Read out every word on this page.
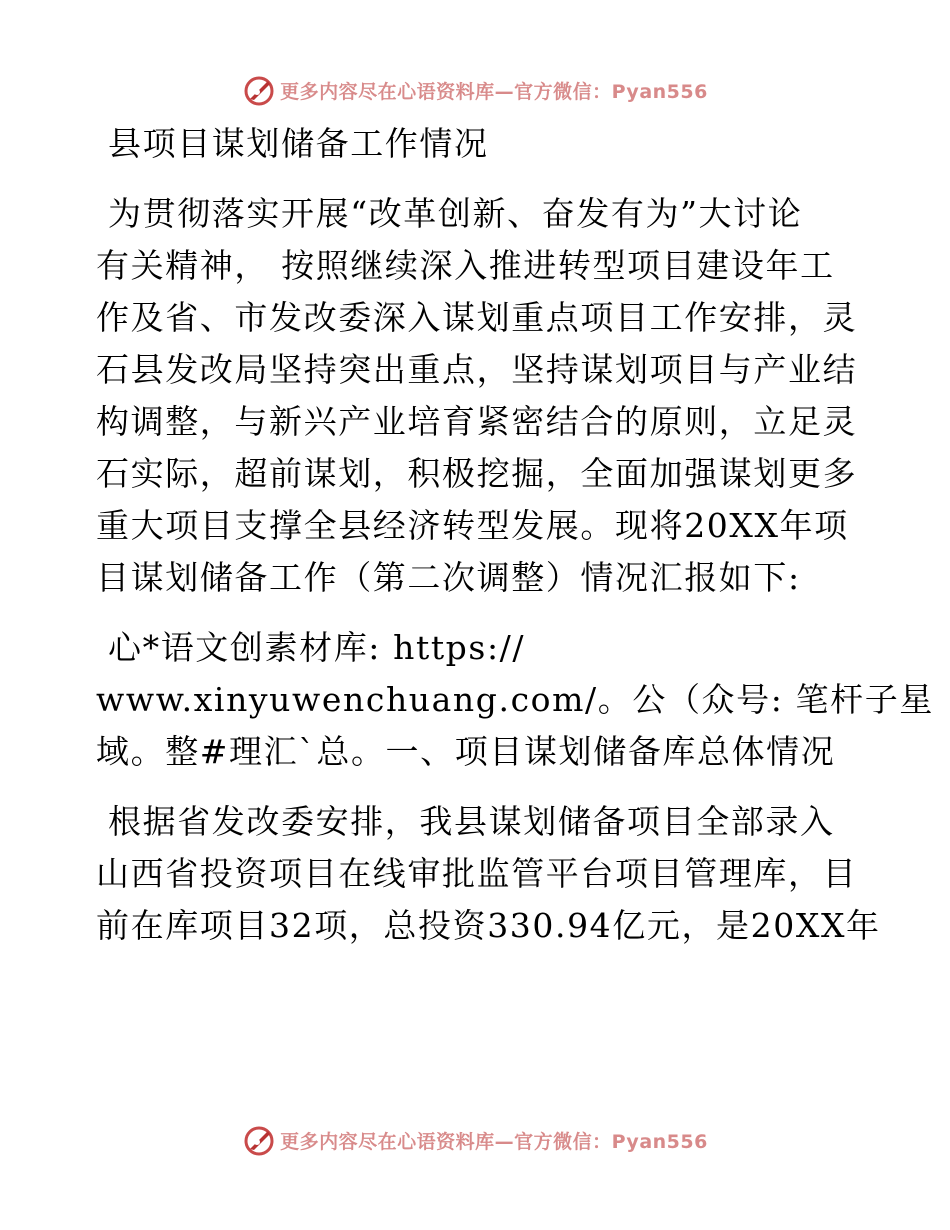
更多内容尽在心语资料库—官方微信：Pyan556
县项目谋划储备工作情况
为贯彻落实开展“改革创新、奋发有为”大讨论
有关精神， 按照继续深入推进转型项目建设年工
作及省、市发改委深入谋划重点项目工作安排，灵
石县发改局坚持突出重点，坚持谋划项目与产业结
构调整，与新兴产业培育紧密结合的原则，立足灵
石实际，超前谋划，积极挖掘，全面加强谋划更多
重大项目支撑全县经济转型发展。现将20XX年项
目谋划储备工作（第二次调整）情况汇报如下:
心*语文创素材库: https://
www.xinyuwenchuang.com/。公（众号: 笔杆子星
域。整#理汇`总。一、项目谋划储备库总体情况
根据省发改委安排，我县谋划储备项目全部录入
山西省投资项目在线审批监管平台项目管理库，目
前在库项目32项，总投资330.94亿元，是20XX年
更多内容尽在心语资料库—官方微信：Pyan556
